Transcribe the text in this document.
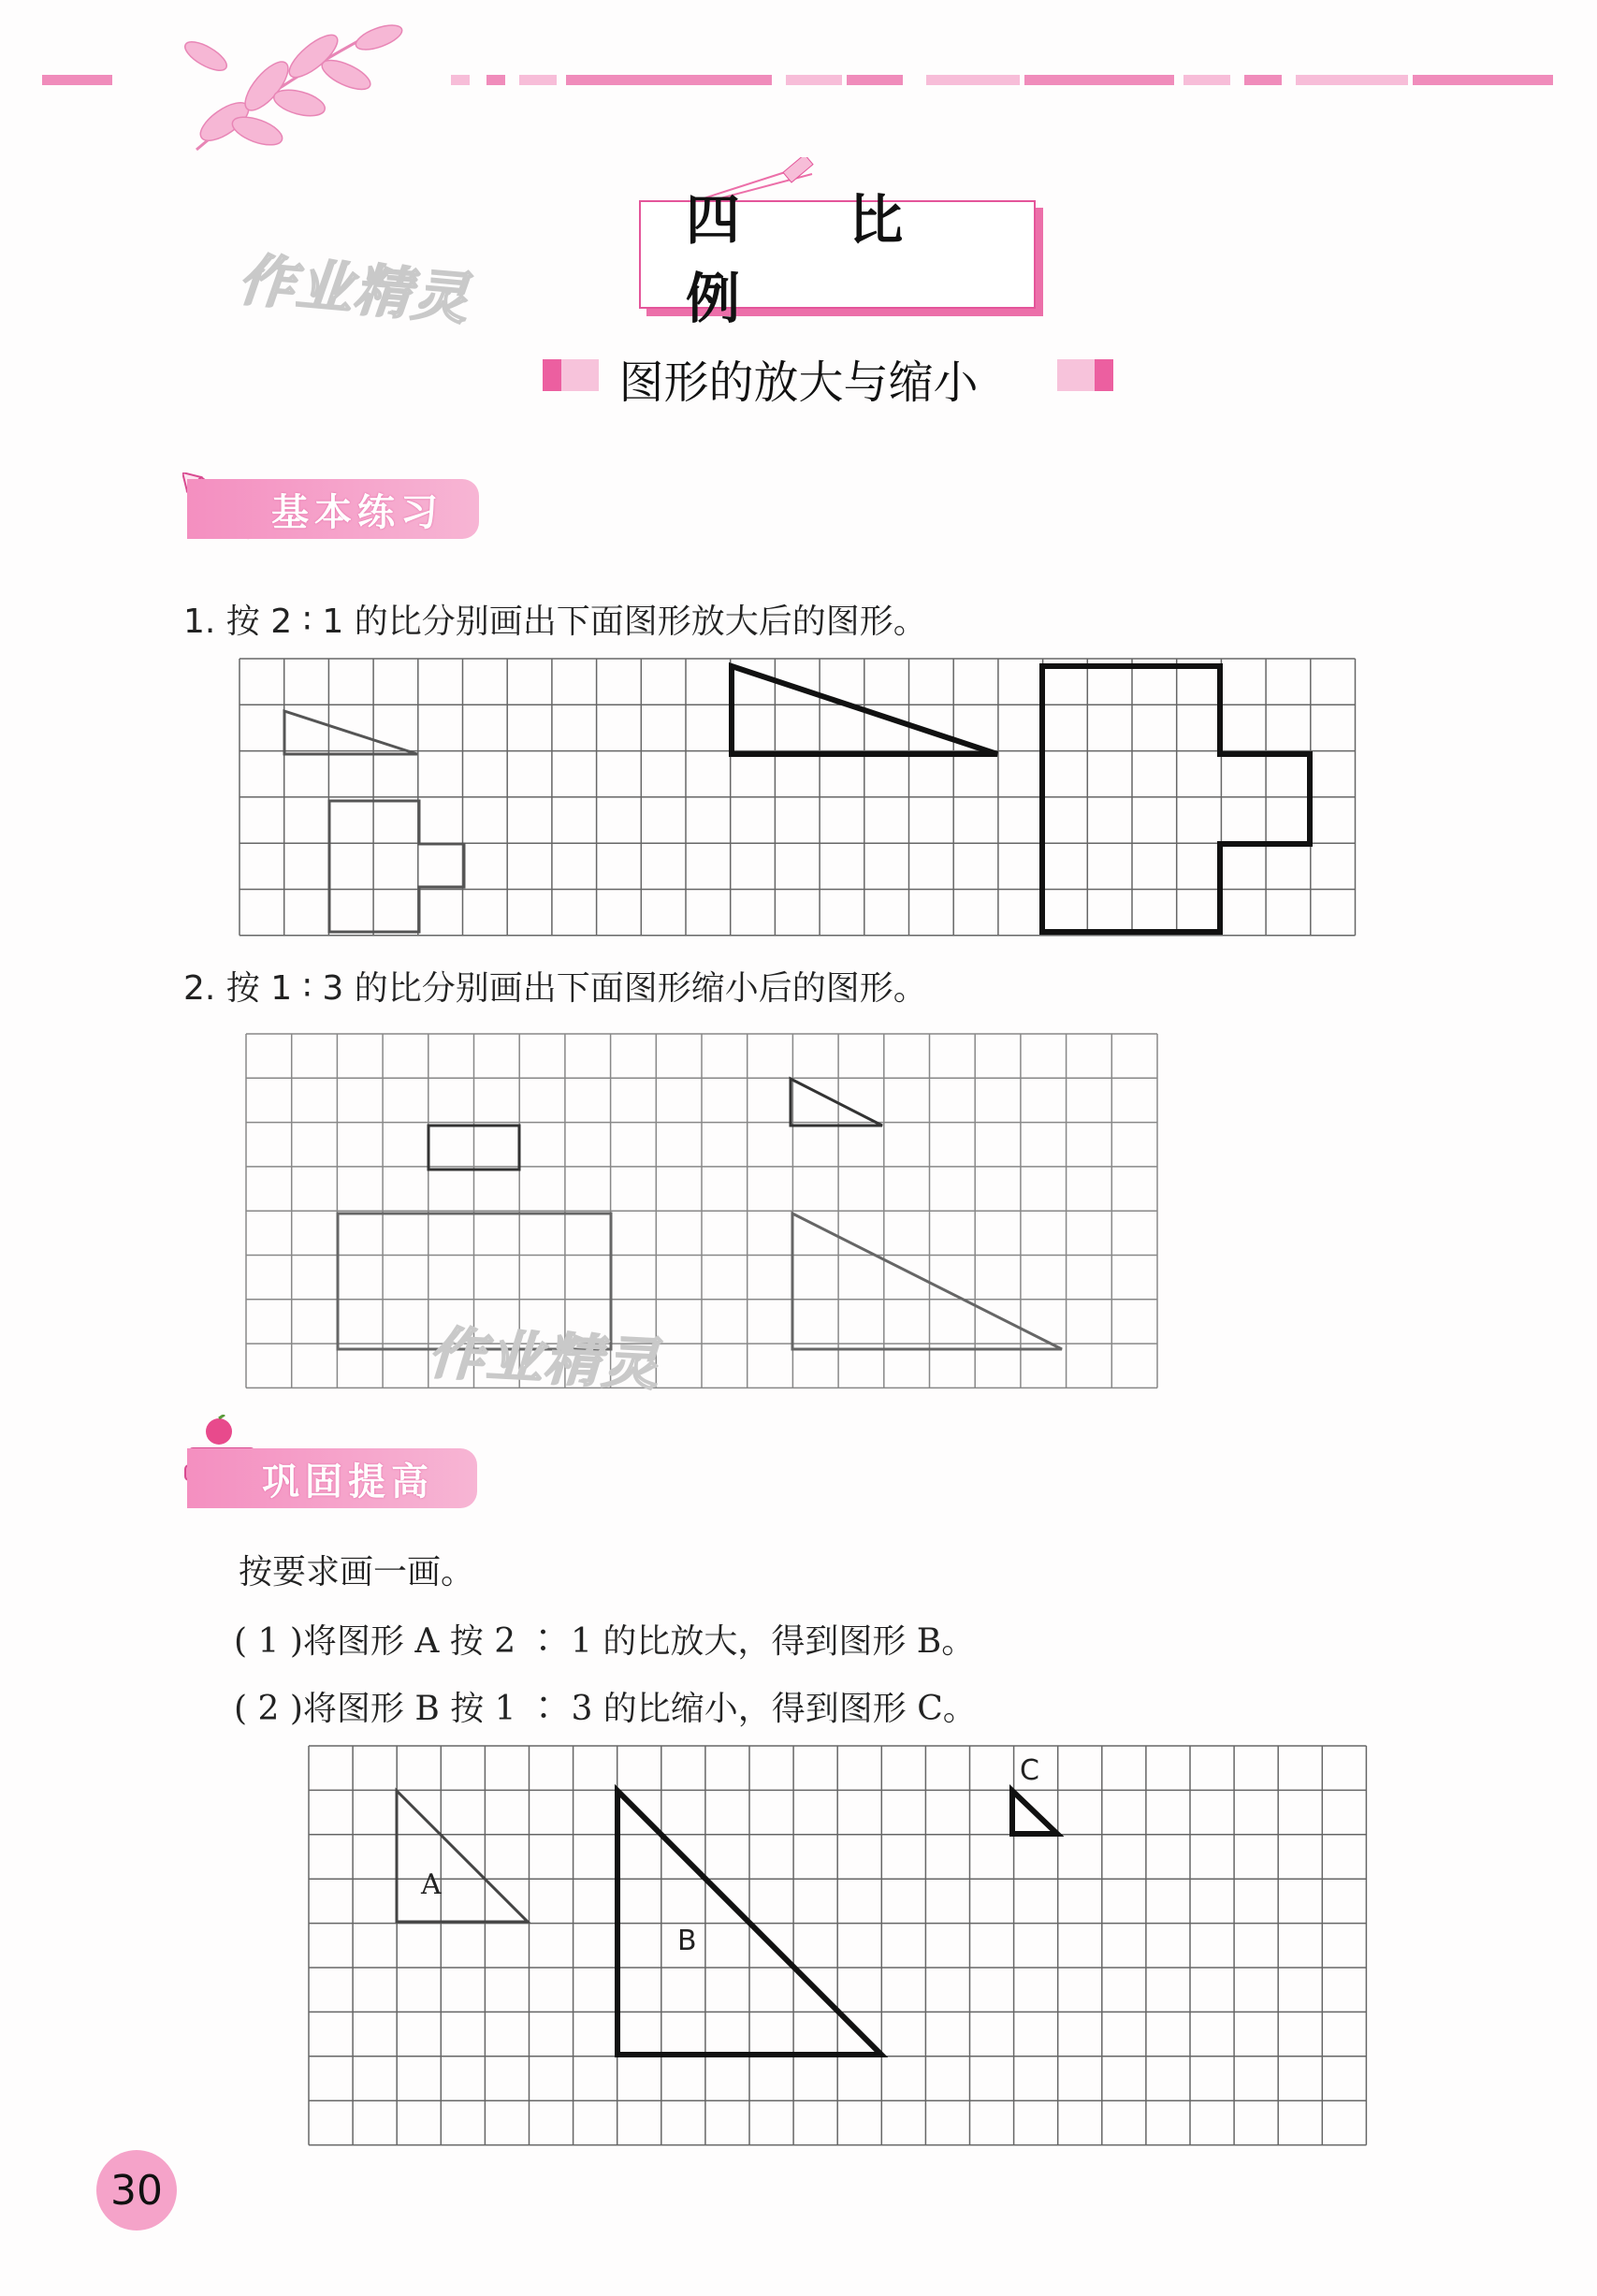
四 比 例
作业精灵
图形的放大与缩小
基本练习
1. 按 2 ∶ 1 的比分别画出下面图形放大后的图形。
2. 按 1 ∶ 3 的比分别画出下面图形缩小后的图形。
作业精灵
巩固提高
按要求画一画。
( 1 )将图形 A 按 2 ∶ 1 的比放大，得到图形 B。
( 2 )将图形 B 按 1 ∶ 3 的比缩小，得到图形 C。
A
B
C
30
